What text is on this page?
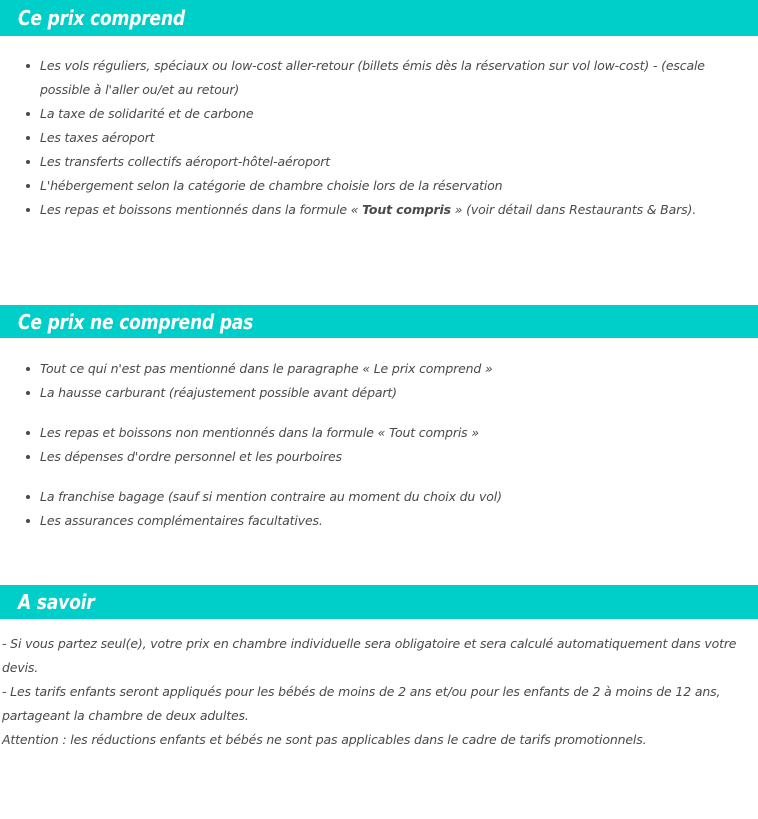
Ce prix comprend
Les vols réguliers, spéciaux ou low-cost aller-retour (billets émis dès la réservation sur vol low-cost) - (escale possible à l'aller ou/et au retour)
La taxe de solidarité et de carbone
Les taxes aéroport
Les transferts collectifs aéroport-hôtel-aéroport
L'hébergement selon la catégorie de chambre choisie lors de la réservation
Les repas et boissons mentionnés dans la formule « Tout compris » (voir détail dans Restaurants & Bars).
Ce prix ne comprend pas
Tout ce qui n'est pas mentionné dans le paragraphe « Le prix comprend »
La hausse carburant (réajustement possible avant départ)
Les repas et boissons non mentionnés dans la formule « Tout compris »
Les dépenses d'ordre personnel et les pourboires
La franchise bagage (sauf si mention contraire au moment du choix du vol)
Les assurances complémentaires facultatives.
A savoir

- Si vous partez seul(e), votre prix en chambre individuelle sera obligatoire et sera calculé automatiquement dans votre devis.

- Les tarifs enfants seront appliqués pour les bébés de moins de 2 ans et/ou pour les enfants de 2 à moins de 12 ans, partageant la chambre de deux adultes.

Attention : les réductions enfants et bébés ne sont pas applicables dans le cadre de tarifs promotionnels.
